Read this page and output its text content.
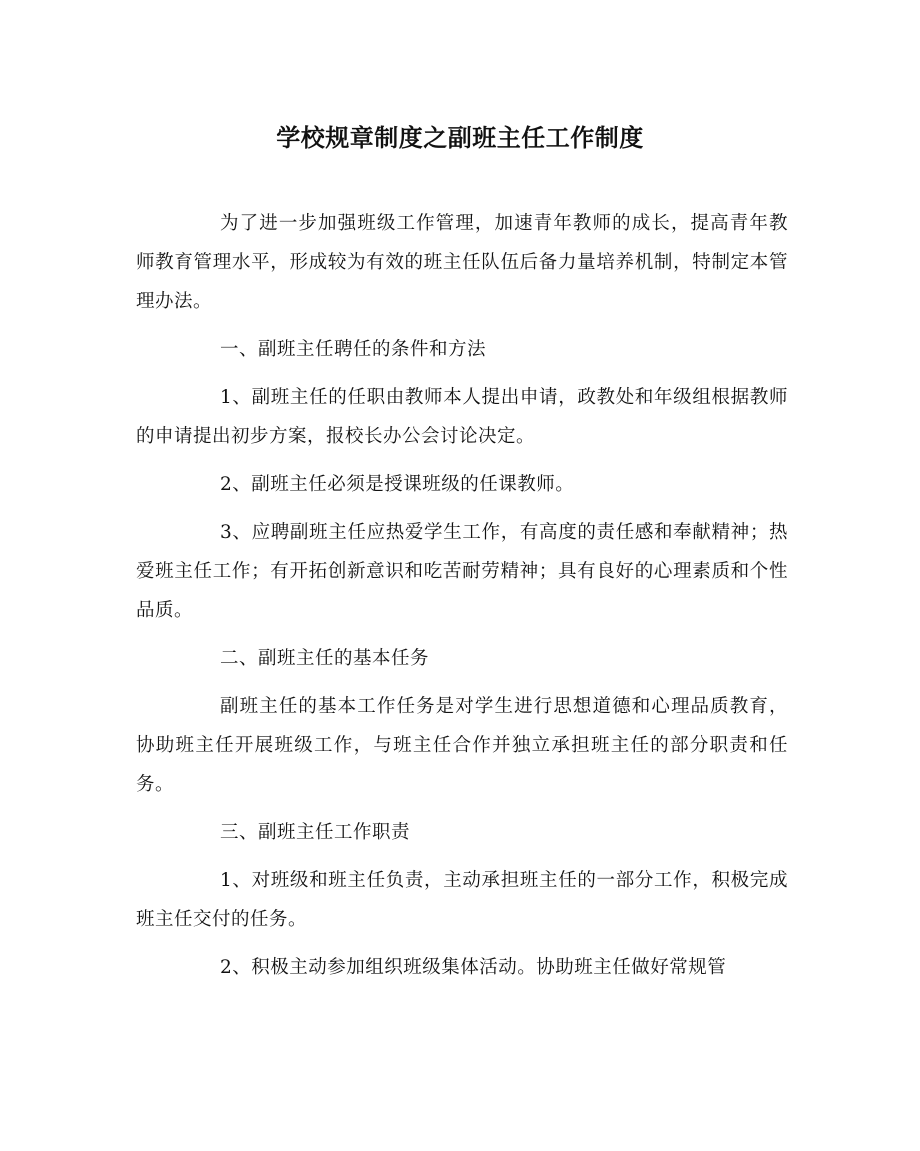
学校规章制度之副班主任工作制度

为了进一步加强班级工作管理，加速青年教师的成长，提高青年教师教育管理水平，形成较为有效的班主任队伍后备力量培养机制，特制定本管理办法。

一、副班主任聘任的条件和方法

1、副班主任的任职由教师本人提出申请，政教处和年级组根据教师的申请提出初步方案，报校长办公会讨论决定。

2、副班主任必须是授课班级的任课教师。

3、应聘副班主任应热爱学生工作，有高度的责任感和奉献精神；热爱班主任工作；有开拓创新意识和吃苦耐劳精神；具有良好的心理素质和个性品质。

二、副班主任的基本任务

副班主任的基本工作任务是对学生进行思想道德和心理品质教育，协助班主任开展班级工作，与班主任合作并独立承担班主任的部分职责和任务。

三、副班主任工作职责

1、对班级和班主任负责，主动承担班主任的一部分工作，积极完成班主任交付的任务。

2、积极主动参加组织班级集体活动。协助班主任做好常规管
